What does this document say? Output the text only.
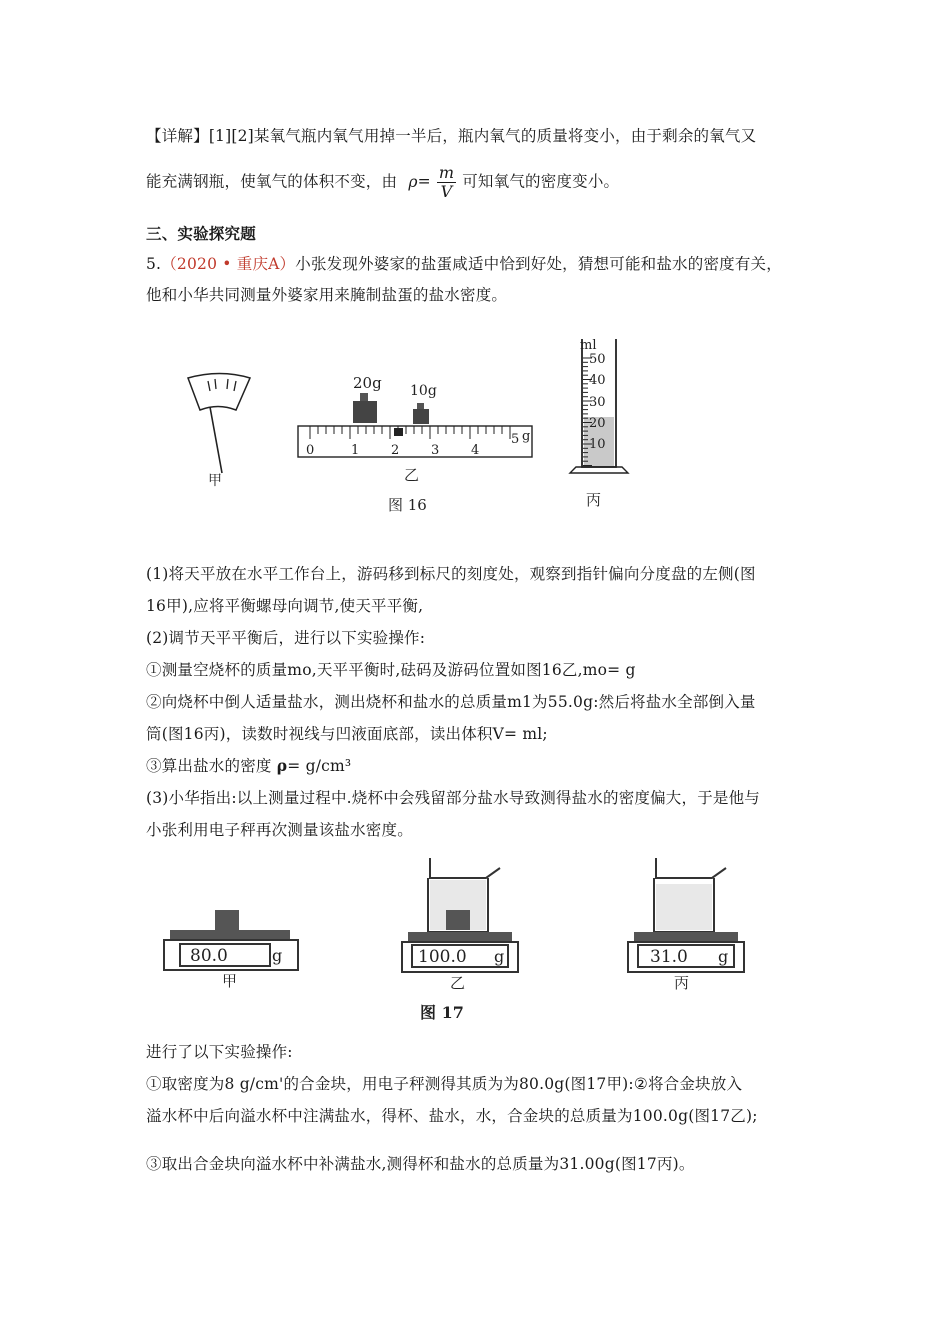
【详解】[1][2]某氧气瓶内氧气用掉一半后，瓶内氧气的质量将变小，由于剩余的氧气又
能充满钢瓶，使氧气的体积不变，由 $\rho= \frac{m}{V}$ 可知氧气的密度变小。
三、实验探究题
5.（2020 • 重庆A）小张发现外婆家的盐蛋咸适中恰到好处，猜想可能和盐水的密度有关，
他和小华共同测量外婆家用来腌制盐蛋的盐水密度。
甲
20g 10g
0	1 2 3 4
5 g
乙
图 16
ml
50
40
30
20
10
丙
(1)将天平放在水平工作台上，游码移到标尺的刻度处，观察到指针偏向分度盘的左侧(图
16甲),应将平衡螺母向调节,使天平平衡,
(2)调节天平平衡后，进行以下实验操作:
①测量空烧杯的质量mo,天平平衡时,砝码及游码位置如图16乙,mo= g
②向烧杯中倒人适量盐水，测出烧杯和盐水的总质量m1为55.0g:然后将盐水全部倒入量
筒(图16丙)，读数时视线与凹液面底部，读出体积V= ml;
③算出盐水的密度 ρ= g/cm³
(3)小华指出:以上测量过程中.烧杯中会残留部分盐水导致测得盐水的密度偏大，于是他与
小张利用电子秤再次测量该盐水密度。
80.0	g
甲
100.0 g
乙
31.0 g
丙
图 17
进行了以下实验操作:
①取密度为8 g/cm'的合金块，用电子秤测得其质为为80.0g(图17甲):②将合金块放入
溢水杯中后向溢水杯中注满盐水，得杯、盐水，水，合金块的总质量为100.0g(图17乙);
③取出合金块向溢水杯中补满盐水,测得杯和盐水的总质量为31.00g(图17丙)。
